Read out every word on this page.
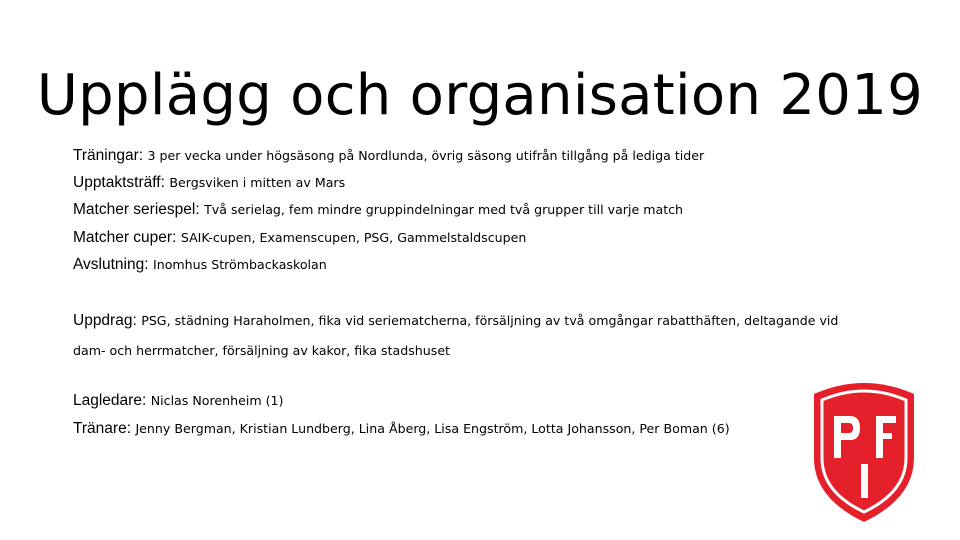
Upplägg och organisation 2019
Träningar: 3 per vecka under högsäsong på Nordlunda, övrig säsong utifrån tillgång på lediga tider
Upptaktsträff: Bergsviken i mitten av Mars
Matcher seriespel: Två serielag, fem mindre gruppindelningar med två grupper till varje match
Matcher cuper: SAIK-cupen, Examenscupen, PSG, Gammelstaldscupen
Avslutning: Inomhus Strömbackaskolan
Uppdrag: PSG, städning Haraholmen, fika vid seriematcherna, försäljning av två omgångar rabatthäften, deltagande vid dam- och herrmatcher, försäljning av kakor, fika stadshuset
Lagledare: Niclas Norenheim (1)
Tränare: Jenny Bergman, Kristian Lundberg, Lina Åberg, Lisa Engström, Lotta Johansson, Per Boman (6)
